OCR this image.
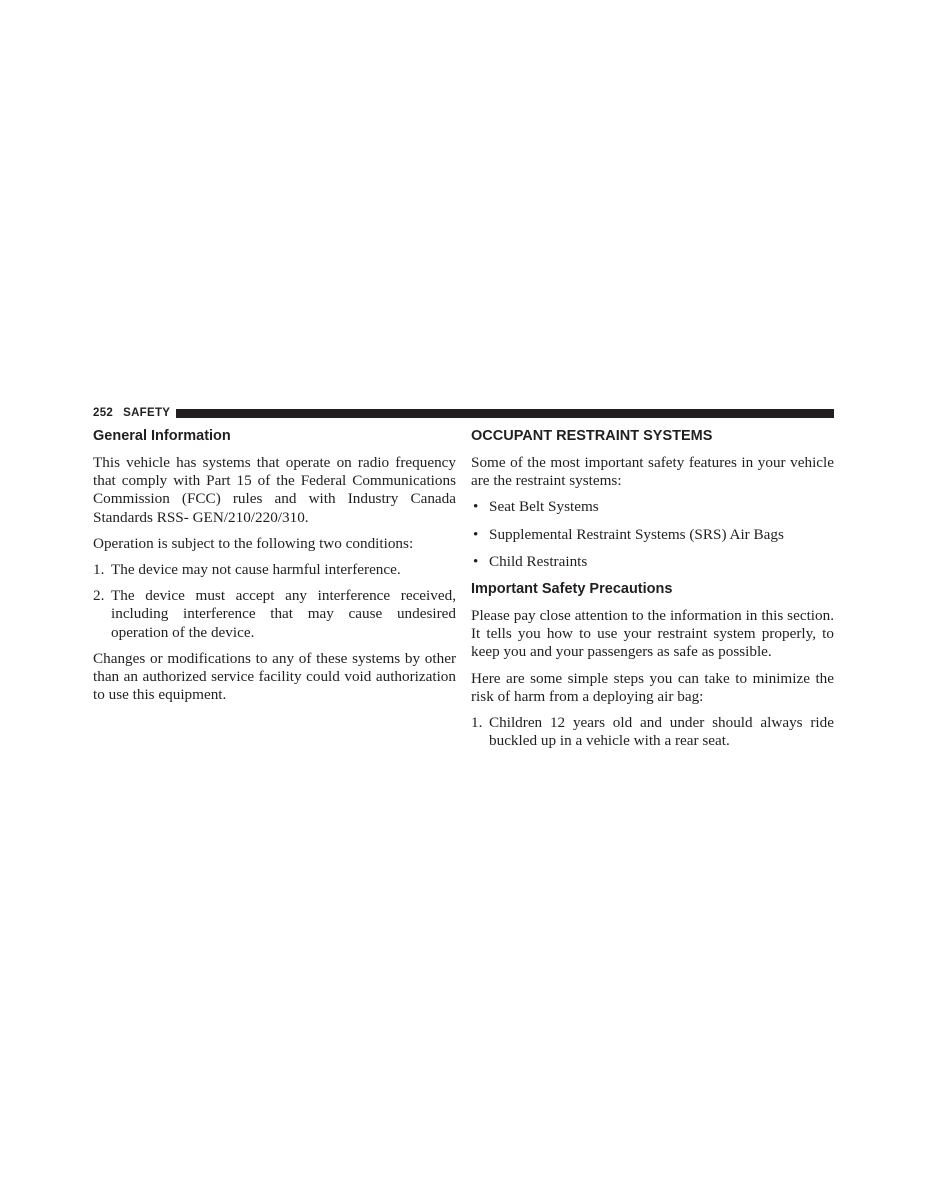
252 SAFETY
General Information

This vehicle has systems that operate on radio frequency that comply with Part 15 of the Federal Communications Commission (FCC) rules and with Industry Canada Standards RSS- GEN/210/220/310.

Operation is subject to the following two conditions:

1. The device may not cause harmful interference.
2. The device must accept any interference received, including interference that may cause undesired operation of the device.

Changes or modifications to any of these systems by other than an authorized service facility could void authorization to use this equipment.

OCCUPANT RESTRAINT SYSTEMS

Some of the most important safety features in your vehicle are the restraint systems:

• Seat Belt Systems
• Supplemental Restraint Systems (SRS) Air Bags
• Child Restraints
Important Safety Precautions

Please pay close attention to the information in this section. It tells you how to use your restraint system properly, to keep you and your passengers as safe as possible.

Here are some simple steps you can take to minimize the risk of harm from a deploying air bag:

1. Children 12 years old and under should always ride buckled up in a vehicle with a rear seat.
